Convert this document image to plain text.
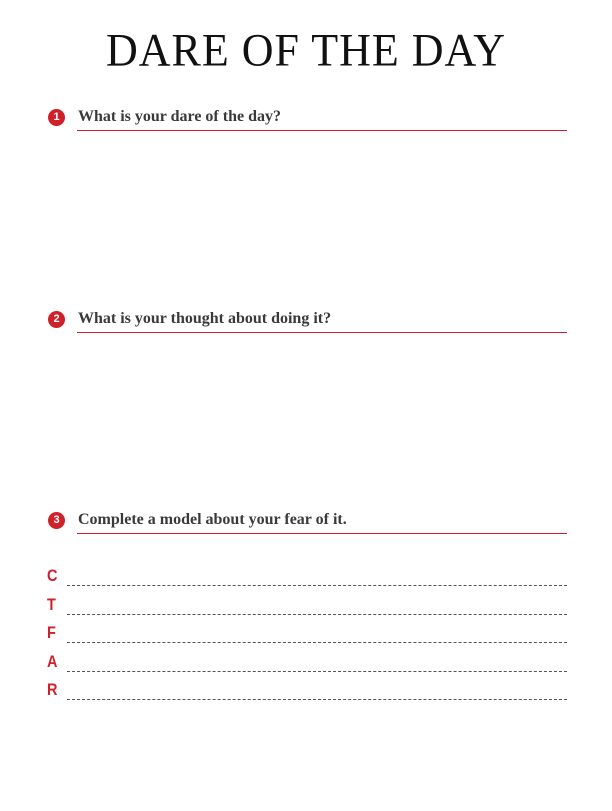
DARE OF THE DAY
1	What is your dare of the day?
2	What is your thought about doing it?
3	Complete a model about your fear of it.
C
T
F
A
R
